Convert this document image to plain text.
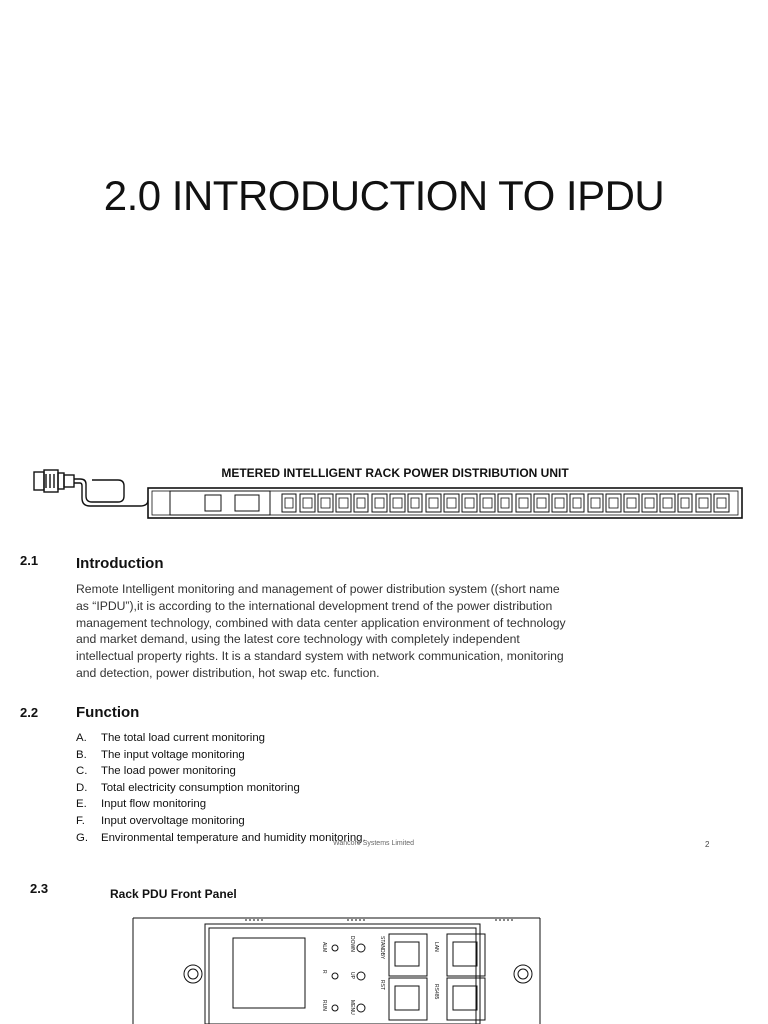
2.0 INTRODUCTION TO IPDU
METERED INTELLIGENT RACK POWER DISTRIBUTION UNIT
2.1	Introduction

Remote Intelligent monitoring and management of power distribution system ((short name

as “IPDU”),it is according to the international development trend of the power distribution

management technology, combined with data center application environment of technology

and market demand, using the latest core technology with completely independent

intellectual property rights. It is a standard system with network communication, monitoring

and detection, power distribution, hot swap etc. function.

2.2	Function
A.	The total load current monitoring
B.	The input voltage monitoring
C.	The load power monitoring
D.	Total electricity consumption monitoring
E.	Input flow monitoring
F.	Input overvoltage monitoring
G.	Environmental temperature and humidity monitoring.
Wancore Systems Limited	2
2.3	Rack PDU Front Panel
ALM
RUN
R
DOWN
UP
MENU
STANDBY
RST
LAN
RS485
